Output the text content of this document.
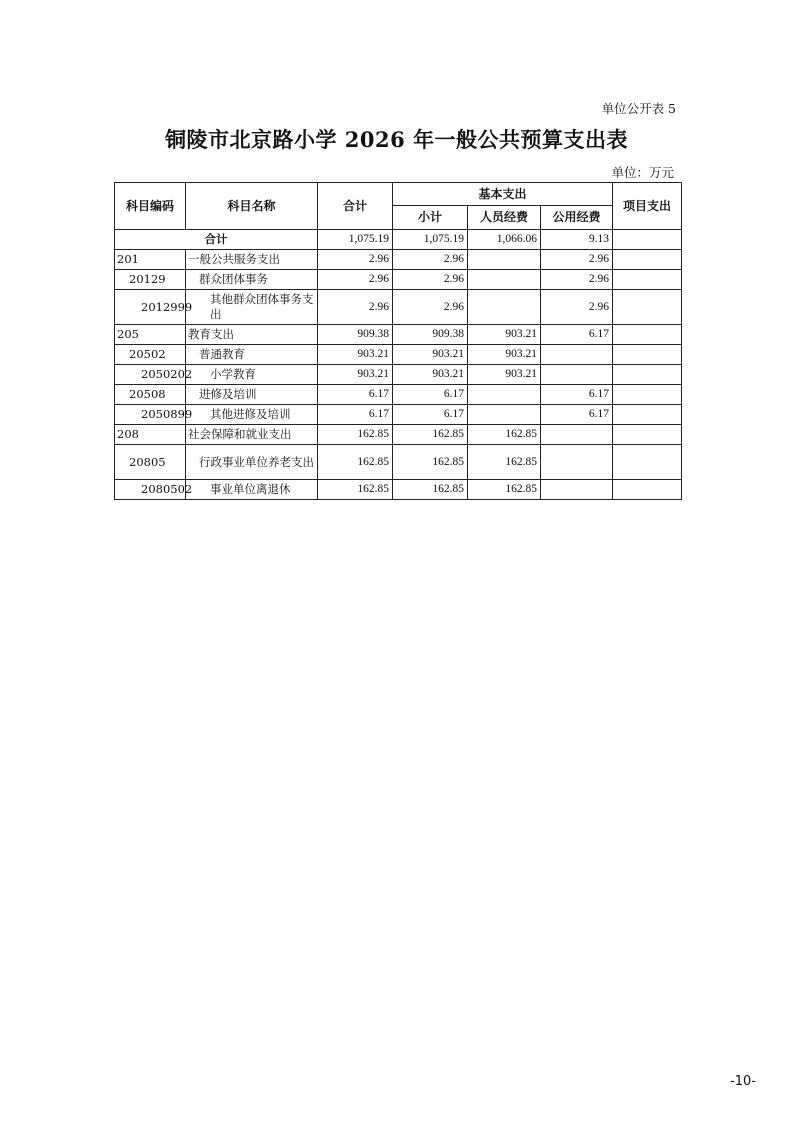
单位公开表 5
铜陵市北京路小学 2026 年一般公共预算支出表
单位：万元
科目编码	科目名称	合计	基本支出			项目支出
			小计	人员经费	公用经费	
合计		1,075.19	1,075.19	1,066.06	9.13	
201	一般公共服务支出	2.96	2.96		2.96	
20129	群众团体事务	2.96	2.96		2.96	
2012999	其他群众团体事务支出	2.96	2.96		2.96	
205	教育支出	909.38	909.38	903.21	6.17	
20502	普通教育	903.21	903.21	903.21		
2050202	小学教育	903.21	903.21	903.21		
20508	进修及培训	6.17	6.17		6.17	
2050899	其他进修及培训	6.17	6.17		6.17	
208	社会保障和就业支出	162.85	162.85	162.85		
20805	行政事业单位养老支出	162.85	162.85	162.85		
2080502	事业单位离退休	162.85	162.85	162.85		
-10-
